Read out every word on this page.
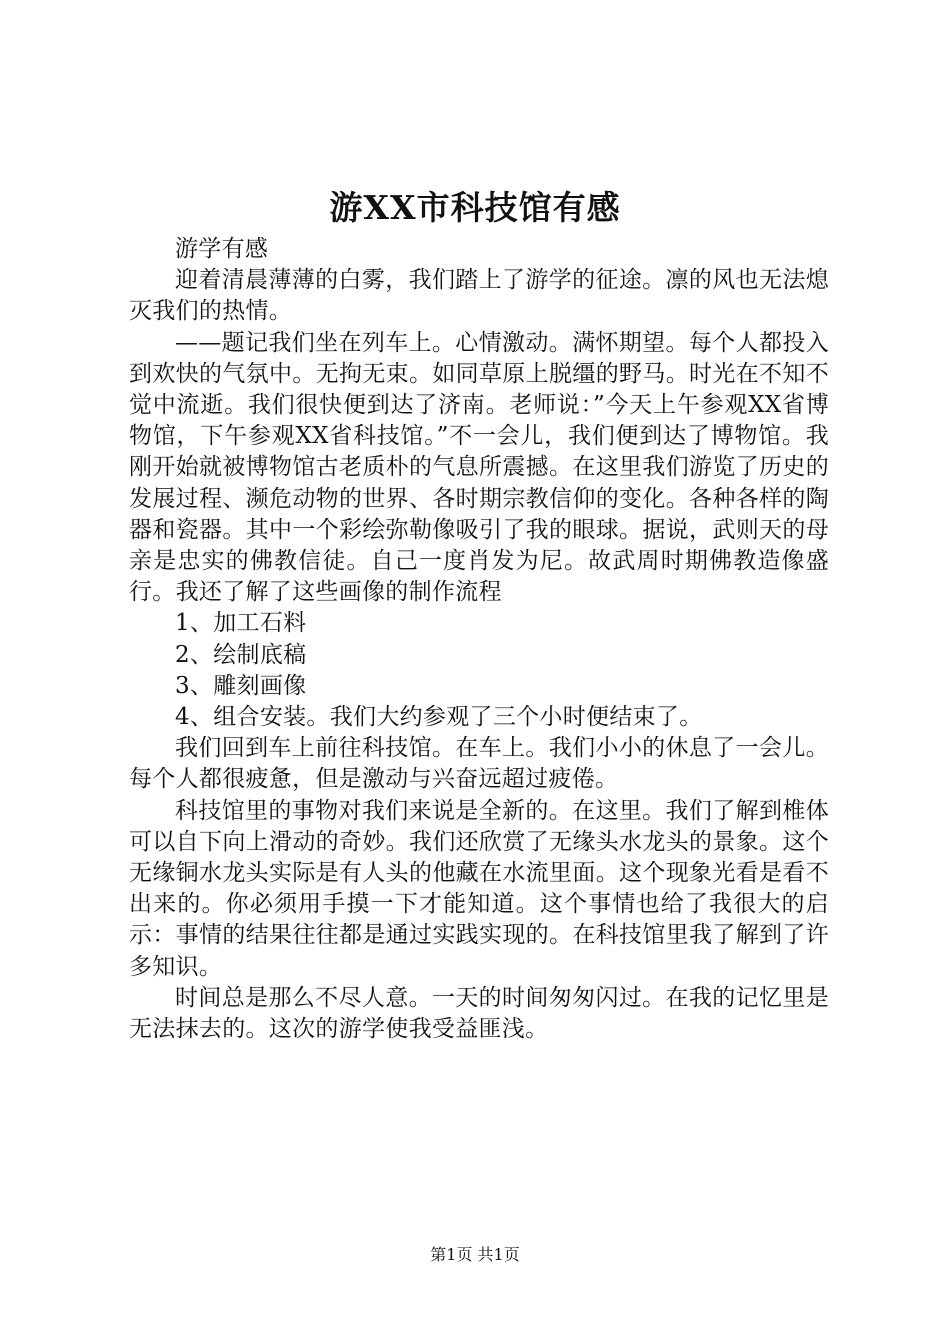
游XX市科技馆有感

游学有感

迎着清晨薄薄的白雾，我们踏上了游学的征途。凛的风也无法熄灭我们的热情。

——题记我们坐在列车上。心情激动。满怀期望。每个人都投入到欢快的气氛中。无拘无束。如同草原上脱缰的野马。时光在不知不觉中流逝。我们很快便到达了济南。老师说：”今天上午参观XX省博物馆，下午参观XX省科技馆。”不一会儿，我们便到达了博物馆。我刚开始就被博物馆古老质朴的气息所震撼。在这里我们游览了历史的发展过程、濒危动物的世界、各时期宗教信仰的变化。各种各样的陶器和瓷器。其中一个彩绘弥勒像吸引了我的眼球。据说，武则天的母亲是忠实的佛教信徒。自己一度肖发为尼。故武周时期佛教造像盛行。我还了解了这些画像的制作流程

1、加工石料

2、绘制底稿

3、雕刻画像

4、组合安装。我们大约参观了三个小时便结束了。

我们回到车上前往科技馆。在车上。我们小小的休息了一会儿。每个人都很疲惫，但是激动与兴奋远超过疲倦。

科技馆里的事物对我们来说是全新的。在这里。我们了解到椎体可以自下向上滑动的奇妙。我们还欣赏了无缘头水龙头的景象。这个无缘铜水龙头实际是有人头的他藏在水流里面。这个现象光看是看不出来的。你必须用手摸一下才能知道。这个事情也给了我很大的启示：事情的结果往往都是通过实践实现的。在科技馆里我了解到了许多知识。

时间总是那么不尽人意。一天的时间匆匆闪过。在我的记忆里是无法抹去的。这次的游学使我受益匪浅。

第1页 共1页
